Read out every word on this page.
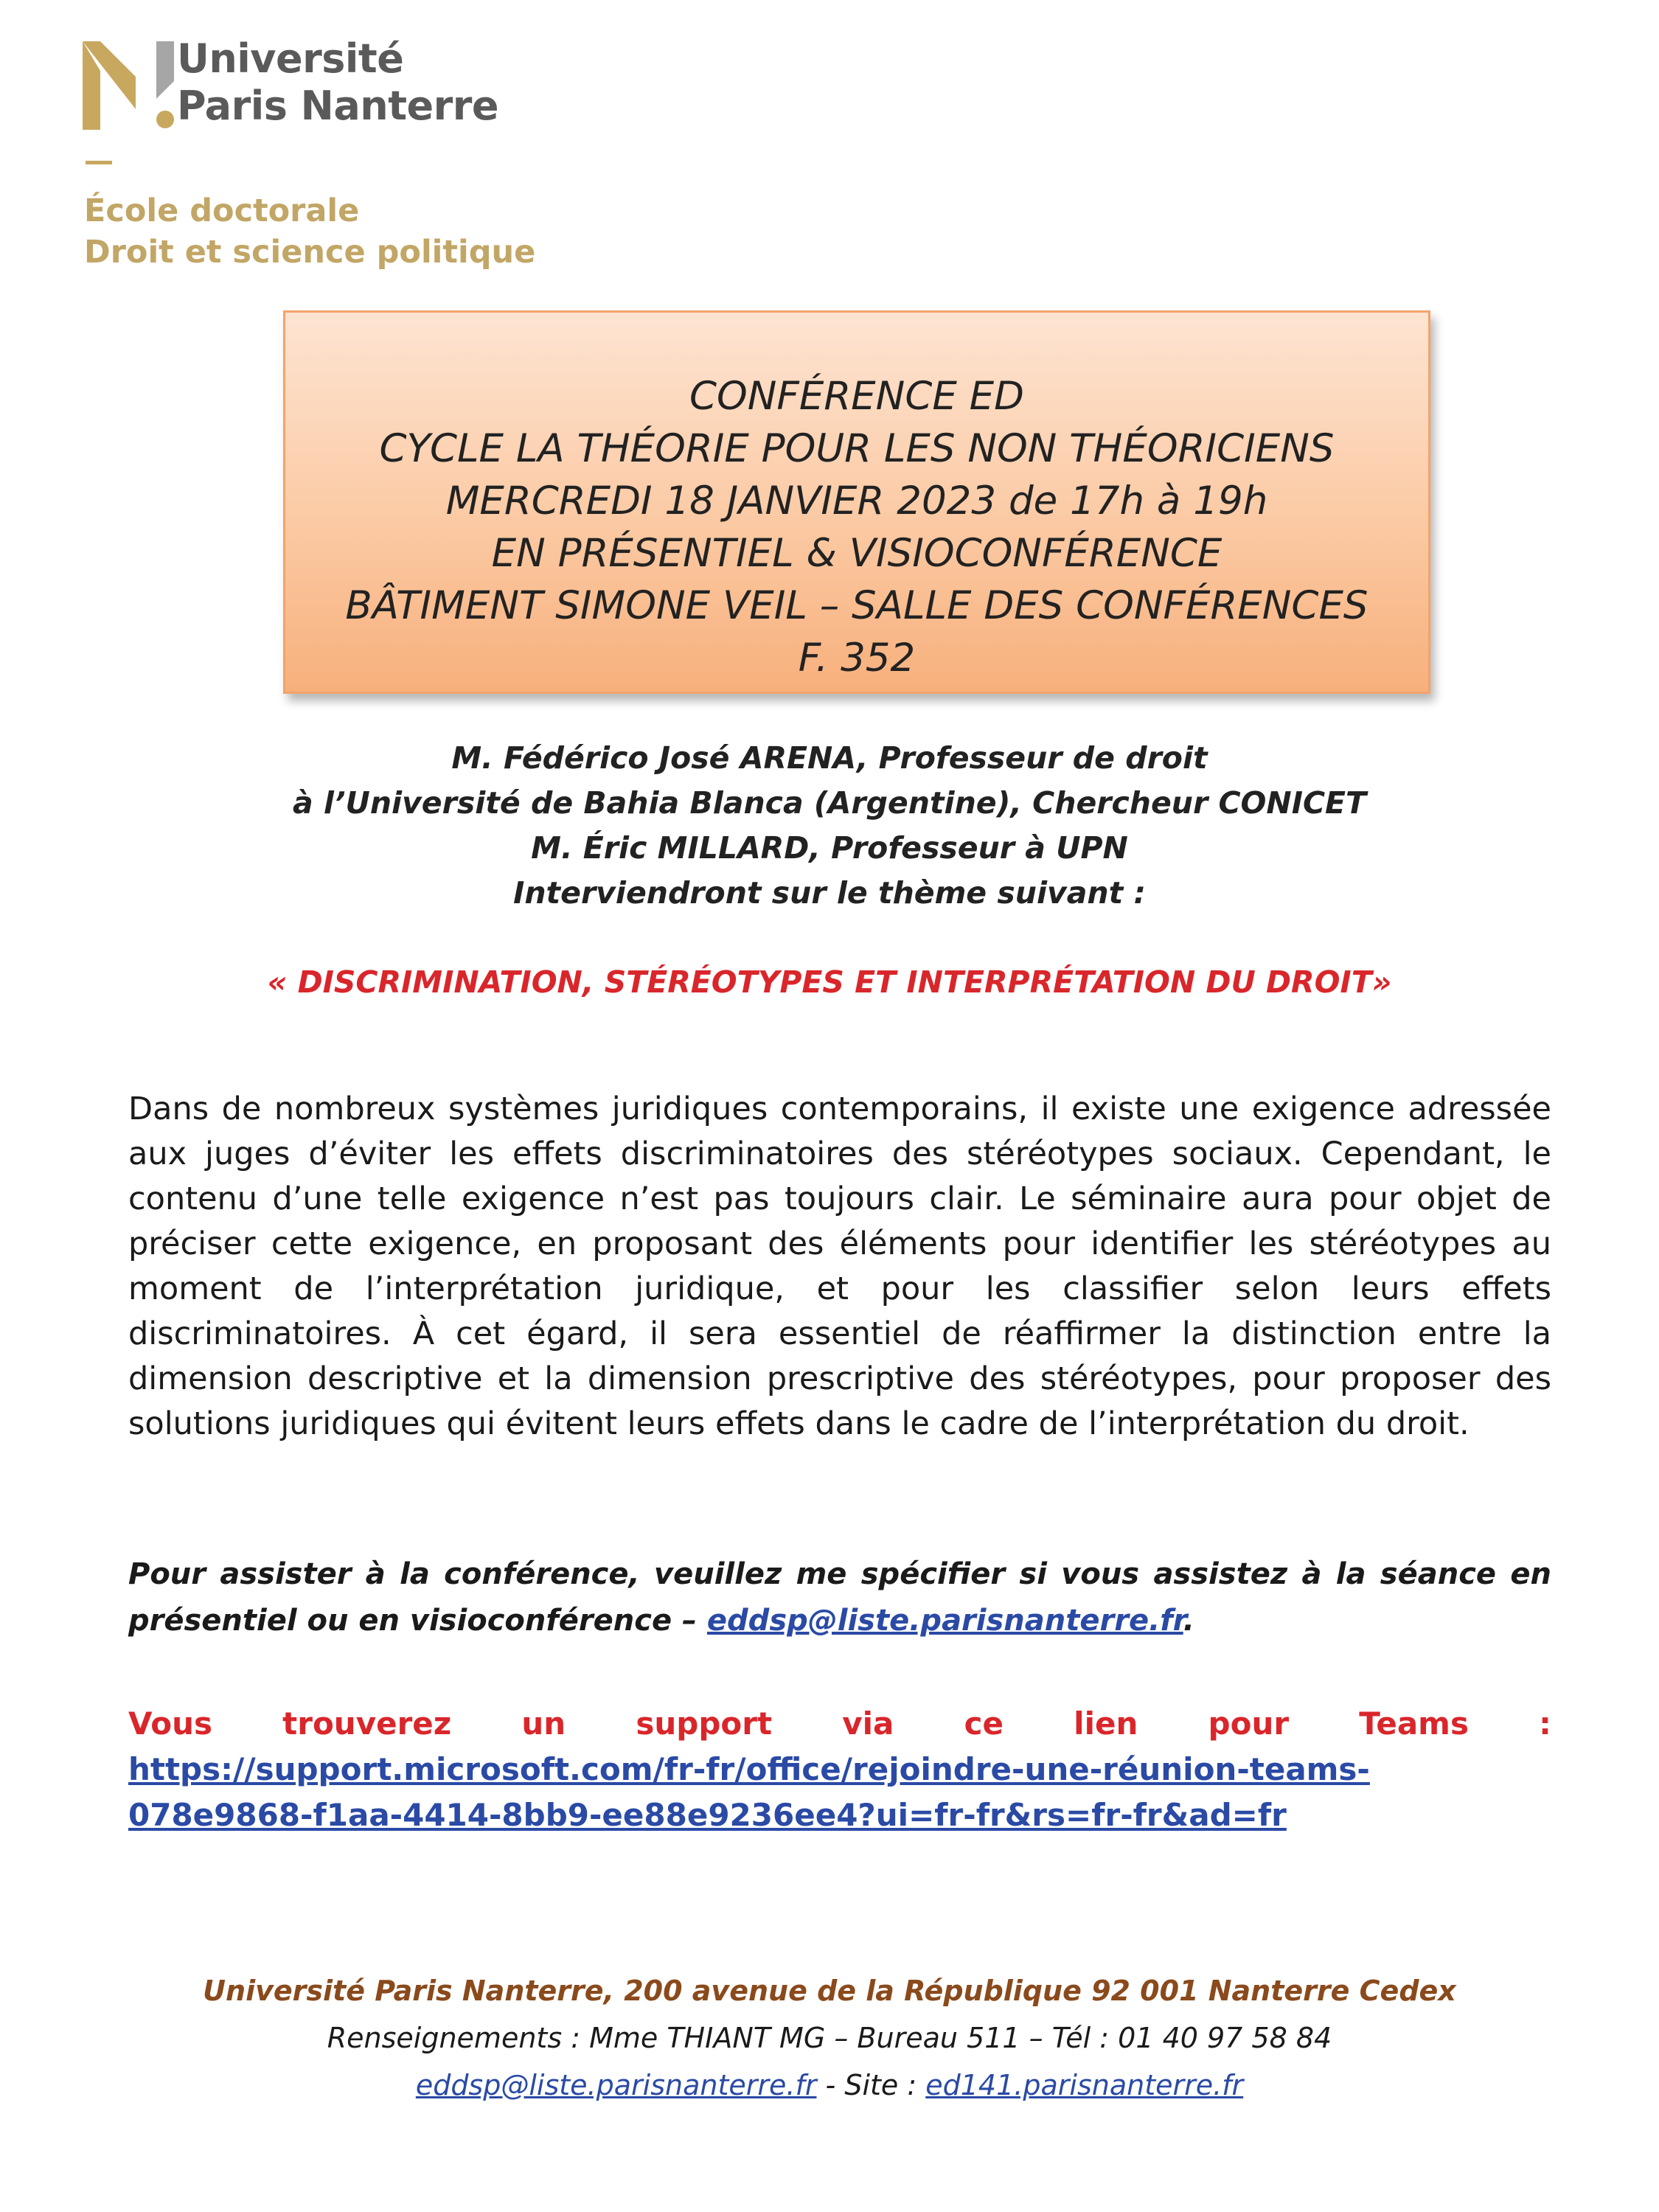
Université
Paris Nanterre
École doctorale
Droit et science politique
CONFÉRENCE ED
CYCLE LA THÉORIE POUR LES NON THÉORICIENS
MERCREDI 18 JANVIER 2023 de 17h à 19h
EN PRÉSENTIEL & VISIOCONFÉRENCE
BÂTIMENT SIMONE VEIL – SALLE DES CONFÉRENCES
F. 352
M. Fédérico José ARENA, Professeur de droit
à l’Université de Bahia Blanca (Argentine), Chercheur CONICET
M. Éric MILLARD, Professeur à UPN
Interviendront sur le thème suivant :
« DISCRIMINATION, STÉRÉOTYPES ET INTERPRÉTATION DU DROIT»
Dans de nombreux systèmes juridiques contemporains, il existe une exigence adressée aux juges d’éviter les effets discriminatoires des stéréotypes sociaux. Cependant, le contenu d’une telle exigence n’est pas toujours clair. Le séminaire aura pour objet de préciser cette exigence, en proposant des éléments pour identifier les stéréotypes au moment de l’interprétation juridique, et pour les classifier selon leurs effets discriminatoires. À cet égard, il sera essentiel de réaffirmer la distinction entre la dimension descriptive et la dimension prescriptive des stéréotypes, pour proposer des solutions juridiques qui évitent leurs effets dans le cadre de l’interprétation du droit.
Pour assister à la conférence, veuillez me spécifier si vous assistez à la séance en présentiel ou en visioconférence – eddsp@liste.parisnanterre.fr.
Vous trouverez un support via ce lien pour Teams :
https://support.microsoft.com/fr-fr/office/rejoindre-une-réunion-teams-
078e9868-f1aa-4414-8bb9-ee88e9236ee4?ui=fr-fr&rs=fr-fr&ad=fr
Université Paris Nanterre, 200 avenue de la République 92 001 Nanterre Cedex
Renseignements : Mme THIANT MG – Bureau 511 – Tél : 01 40 97 58 84
eddsp@liste.parisnanterre.fr - Site : ed141.parisnanterre.fr
